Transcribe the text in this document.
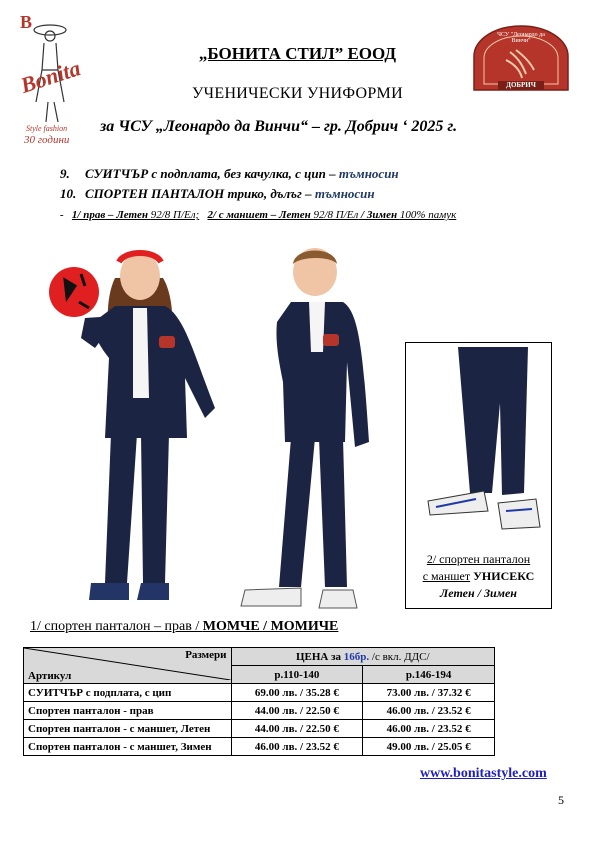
B
Bonita
Style fashion
30 години
ЧСУ "Леонардо да Винчи"
ДОБРИЧ
„БОНИТА СТИЛ” ЕООД
УЧЕНИЧЕСКИ УНИФОРМИ
за ЧСУ „Леонардо да Винчи“ – гр. Добрич ‘ 2025 г.
9. СУИТЧЪР с подплата, без качулка, с цип – тъмносин
10. СПОРТЕН ПАНТАЛОН трико, дълъг – тъмносин
- 1/ прав – Летен 92/8 П/Ел; 2/ с маншет – Летен 92/8 П/Ел / Зимен 100% памук
2/ спортен панталон
с маншет УНИСЕКС
Летен / Зимен
1/ спортен панталон – прав / МОМЧЕ / МОМИЧЕ
Размери
Артикул	ЦЕНА за 16бр. /с вкл. ДДС/	
	р.110-140	р.146-194
СУИТЧЪР с подплата, с цип	69.00 лв. / 35.28 €	73.00 лв. / 37.32 €
Спортен панталон - прав	44.00 лв. / 22.50 €	46.00 лв. / 23.52 €
Спортен панталон - с маншет, Летен	44.00 лв. / 22.50 €	46.00 лв. / 23.52 €
Спортен панталон - с маншет, Зимен	46.00 лв. / 23.52 €	49.00 лв. / 25.05 €
www.bonitastyle.com
5
